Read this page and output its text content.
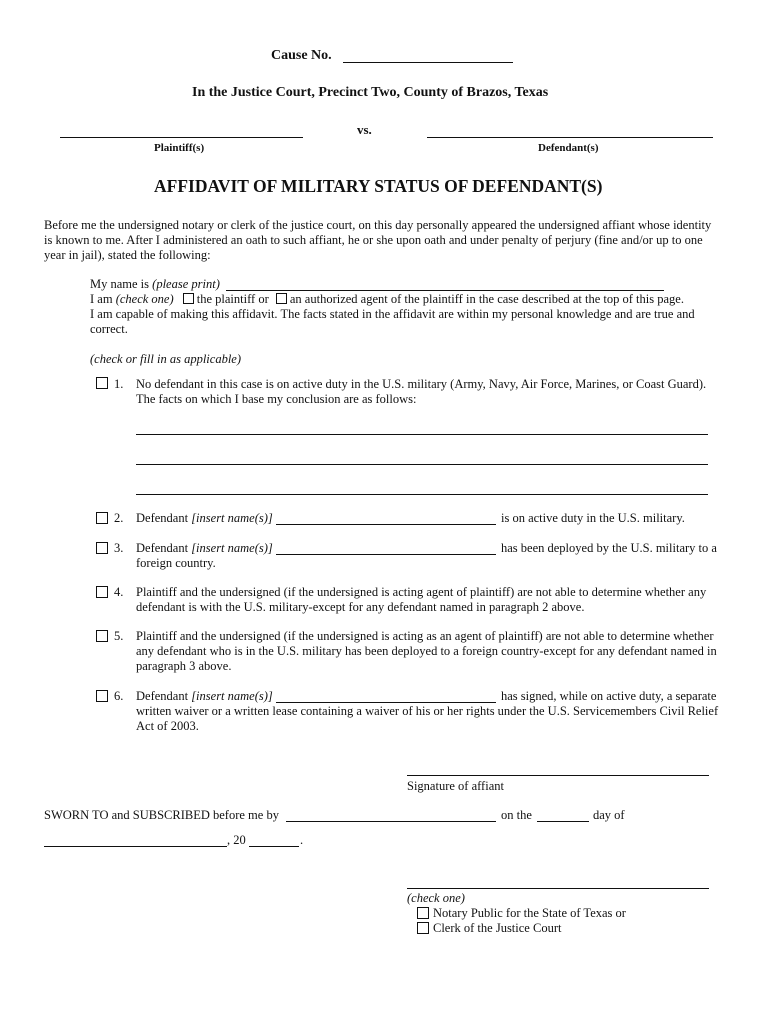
Cause No.
In the Justice Court, Precinct Two, County of Brazos, Texas
vs.
Plaintiff(s)	Defendant(s)
AFFIDAVIT OF MILITARY STATUS OF DEFENDANT(S)
Before me the undersigned notary or clerk of the justice court, on this day personally appeared the undersigned affiant whose identity
is known to me. After I administered an oath to such affiant, he or she upon oath and under penalty of perjury (fine and/or up to one
year in jail), stated the following:
My name is (please print)
I am (check one) the plaintiff or an authorized agent of the plaintiff in the case described at the top of this page.
I am capable of making this affidavit. The facts stated in the affidavit are within my personal knowledge and are true and
correct.
(check or fill in as applicable)
1. No defendant in this case is on active duty in the U.S. military (Army, Navy, Air Force, Marines, or Coast Guard).
The facts on which I base my conclusion are as follows:
2. Defendant [insert name(s)]	is on active duty in the U.S. military.
3. Defendant [insert name(s)]	has been deployed by the U.S. military to a
foreign country.
4. Plaintiff and the undersigned (if the undersigned is acting agent of plaintiff) are not able to determine whether any
defendant is with the U.S. military-except for any defendant named in paragraph 2 above.
5. Plaintiff and the undersigned (if the undersigned is acting as an agent of plaintiff) are not able to determine whether
any defendant who is in the U.S. military has been deployed to a foreign country-except for any defendant named in
paragraph 3 above.
6. Defendant [insert name(s)]	has signed, while on active duty, a separate
written waiver or a written lease containing a waiver of his or her rights under the U.S. Servicemembers Civil Relief
Act of 2003.
Signature of affiant
SWORN TO and SUBSCRIBED before me by	on the	day of
, 20	.
(check one)
Notary Public for the State of Texas or
Clerk of the Justice Court
